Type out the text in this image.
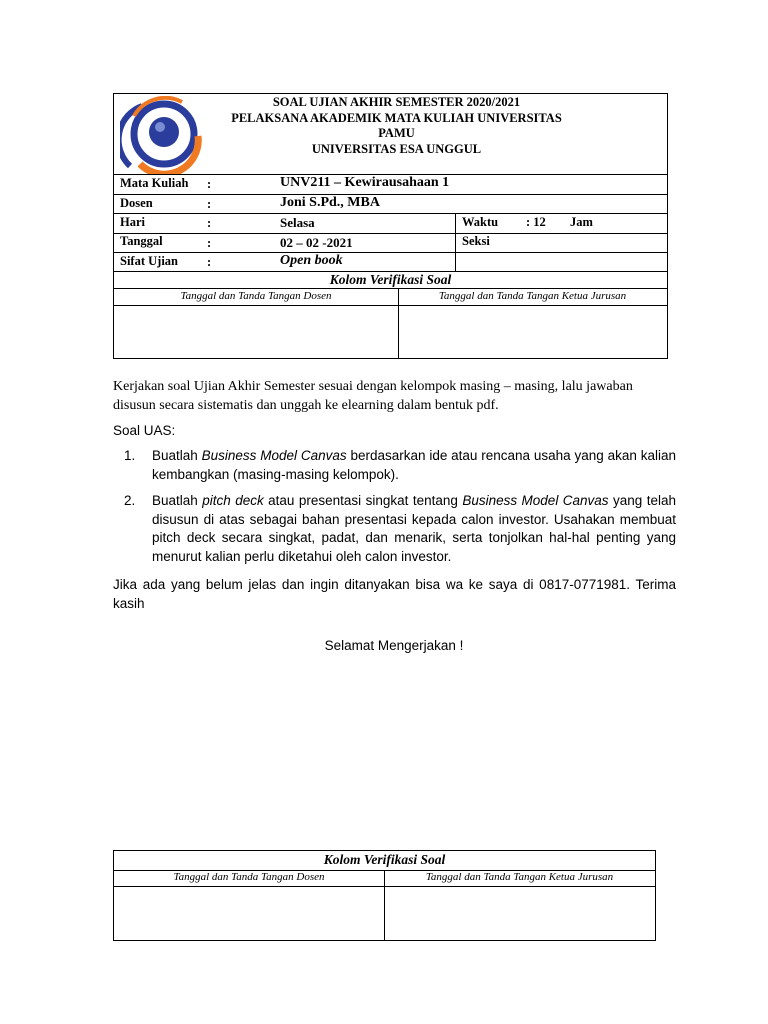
SOAL UJIAN AKHIR SEMESTER 2020/2021
PELAKSANA AKADEMIK MATA KULIAH UNIVERSITAS
PAMU
UNIVERSITAS ESA UNGGUL
Mata Kuliah :	UNV211 – Kewirausahaan 1
Dosen	:	Joni S.Pd., MBA
Hari	:	Selasa	Waktu : 12 Jam
Tanggal	:	02 – 02 -2021	Seksi
Sifat Ujian :	Open book
Kolom Verifikasi Soal
Tanggal dan Tanda Tangan Dosen	Tanggal dan Tanda Tangan Ketua Jurusan
Kerjakan soal Ujian Akhir Semester sesuai dengan kelompok masing – masing, lalu jawaban disusun secara sistematis dan unggah ke elearning dalam bentuk pdf.
Soal UAS:
1. Buatlah Business Model Canvas berdasarkan ide atau rencana usaha yang akan kalian kembangkan (masing-masing kelompok).
2. Buatlah pitch deck atau presentasi singkat tentang Business Model Canvas yang telah disusun di atas sebagai bahan presentasi kepada calon investor. Usahakan membuat pitch deck secara singkat, padat, dan menarik, serta tonjolkan hal-hal penting yang menurut kalian perlu diketahui oleh calon investor.
Jika ada yang belum jelas dan ingin ditanyakan bisa wa ke saya di 0817-0771981. Terima kasih
Selamat Mengerjakan !
Kolom Verifikasi Soal
Tanggal dan Tanda Tangan Dosen	Tanggal dan Tanda Tangan Ketua Jurusan
